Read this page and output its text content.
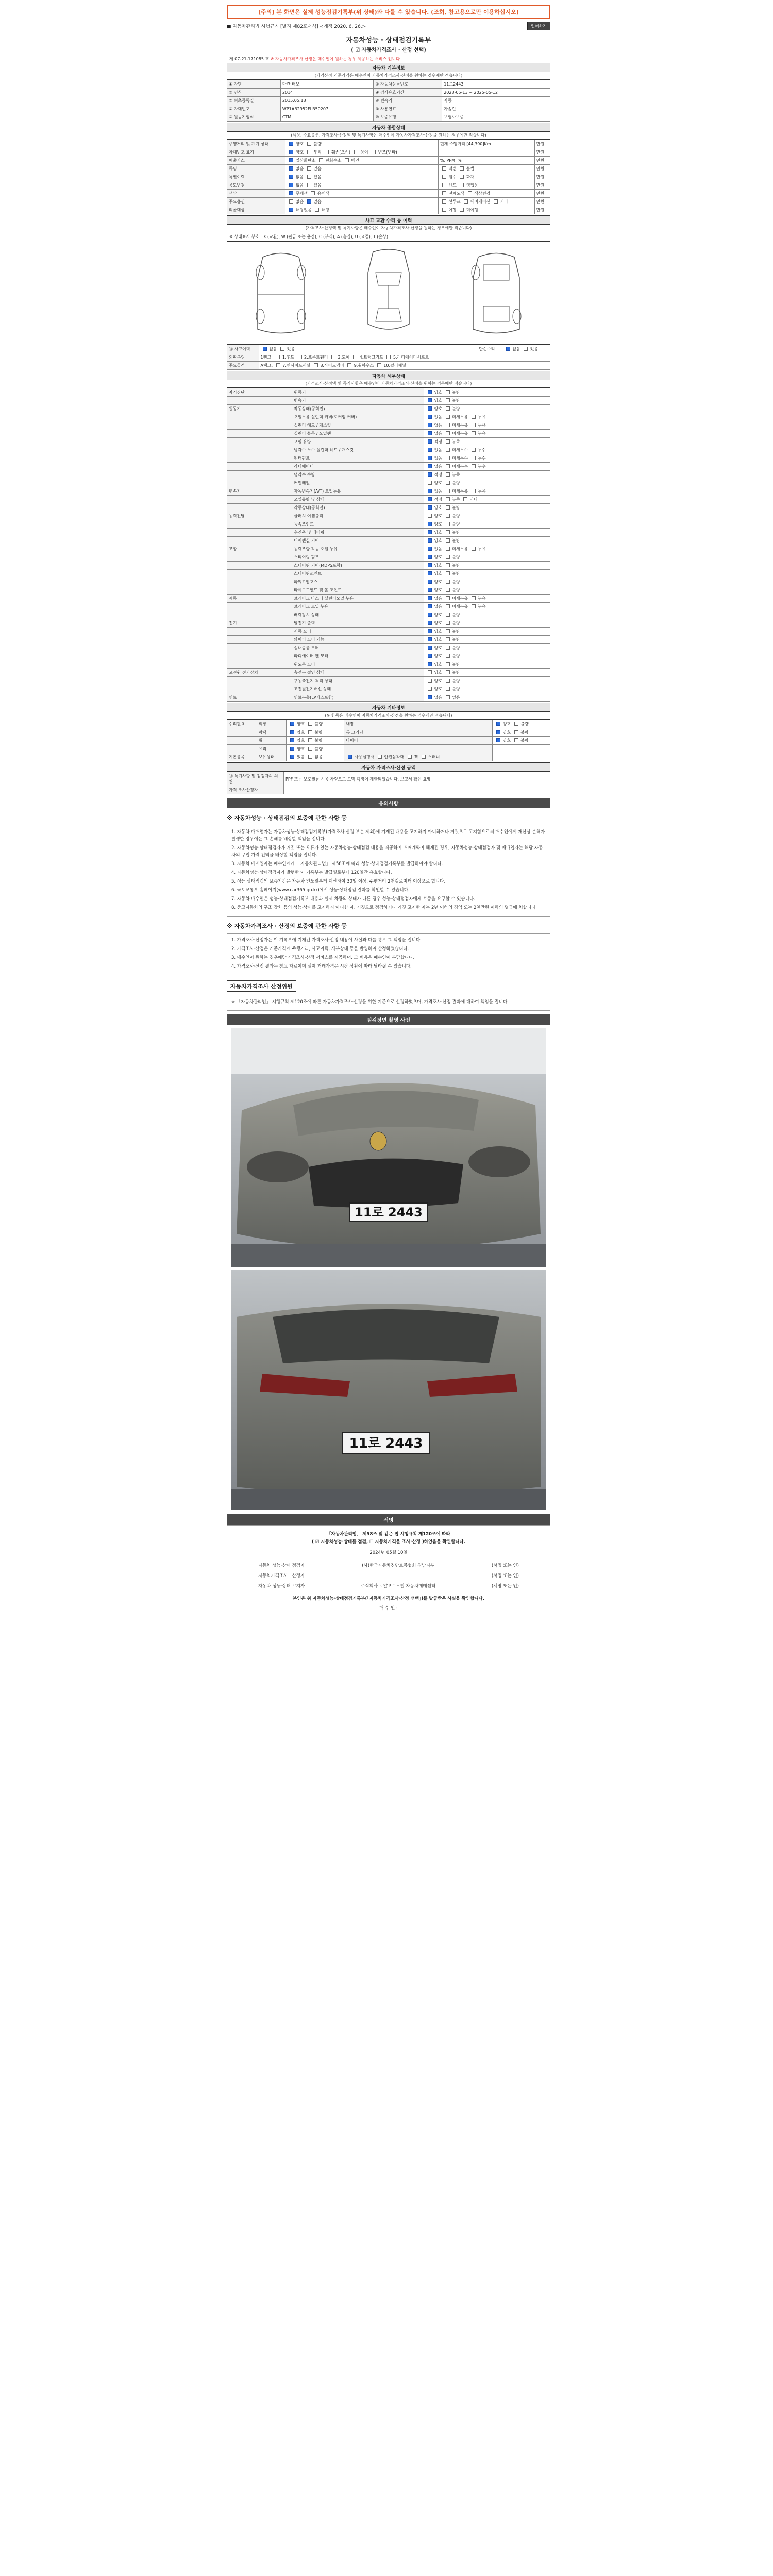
[주의] 본 화면은 실제 성능점검기록부(위 상태)와 다를 수 있습니다. (조회, 참고용으로만 이용하십시오)
■ 자동차관리법 시행규칙 [별지 제82호서식] <개정 2020. 6. 26.>	인쇄하기
자동차성능 · 상태점검기록부
( ☑ 자동차가격조사 · 산정 선택)
제 07-21-171085 호 ※ 자동차가격조사·산정은 매수인이 원하는 경우 제공하는 서비스 입니다.
자동차 기본정보
(가격산정 기준가격은 매수인이 자동차가격조사·산정을 원하는 경우에만 적습니다)
① 차명	마칸 터보	② 자동차등록번호	11로2443
③ 연식	2014	④ 검사유효기간	2023-05-13 ~ 2025-05-12
⑤ 최초등록일	2015.05.13	⑥ 변속기	자동
⑦ 차대번호	WP1AB2952FLB50207	⑧ 사용연료	가솔린
⑨ 원동기형식	CTM	⑩ 보증유형	보험사보증
자동차 종합상태
(색상, 주요옵션, 가격조사·산정액 및 특기사항은 매수인이 자동차가격조사·산정을 원하는 경우에만 적습니다)
주행거리 및 계기 상태	양호  불량	현재 주행거리 [44,390]Km	만원
차대번호 표기	양호  부식  훼손(오손)  상이  변조(변타)		만원
배출가스	일산화탄소  탄화수소  매연	%, PPM, %	만원
튜닝	없음  있음	적법  불법	만원
특별이력	없음  있음	침수  화재	만원
용도변경	없음  있음	렌트  영업용	만원
색상	무채색  유채색	전체도색  색상변경	만원
주요옵션	없음  있음	선루프  내비게이션  기타	만원
리콜대상	해당없음  해당	이행  미이행	만원
사고 교환 수리 등 이력
(가격조사·산정액 및 특기사항은 매수인이 자동차가격조사·산정을 원하는 경우에만 적습니다)
※ 상태표시 부호 : X (교환), W (판금 또는 용접), C (부식), A (흠집), U (요철), T (손상)
⑪ 사고이력	없음  있음	단순수리	없음  있음
외판부위	1랭크:  1.후드  2.프론트휀더  3.도어  4.트렁크리드  5.라디에이터서포트		
주요골격	A랭크:  7.인사이드패널  8.사이드멤버  9.휠하우스  10.필러패널		
자동차 세부상태
(가격조사·산정액 및 특기사항은 매수인이 자동차가격조사·산정을 원하는 경우에만 적습니다)
자기진단	원동기	양호  불량
	변속기	양호  불량
원동기	작동상태(공회전)	양호  불량
	오일누유 실린더 커버(로커암 커버)	없음  미세누유  누유
	실린더 헤드 / 개스킷	없음  미세누유  누유
	실린더 블록 / 오일팬	없음  미세누유  누유
	오일 유량	적정  부족
	냉각수 누수 실린더 헤드 / 개스킷	없음  미세누수  누수
	워터펌프	없음  미세누수  누수
	라디에이터	없음  미세누수  누수
	냉각수 수량	적정  부족
	커먼레일	양호  불량
변속기	자동변속기(A/T) 오일누유	없음  미세누유  누유
	오일유량 및 상태	적정  부족  과다
	작동상태(공회전)	양호  불량
동력전달	클러치 어셈블리	양호  불량
	등속조인트	양호  불량
	추진축 및 베어링	양호  불량
	디퍼렌셜 기어	양호  불량
조향	동력조향 작동 오일 누유	없음  미세누유  누유
	스티어링 펌프	양호  불량
	스티어링 기어(MDPS포함)	양호  불량
	스티어링조인트	양호  불량
	파워고압호스	양호  불량
	타이로드엔드 및 볼 조인트	양호  불량
제동	브레이크 마스터 실린더오일 누유	없음  미세누유  누유
	브레이크 오일 누유	없음  미세누유  누유
	배력장치 상태	양호  불량
전기	발전기 출력	양호  불량
	시동 모터	양호  불량
	와이퍼 모터 기능	양호  불량
	실내송풍 모터	양호  불량
	라디에이터 팬 모터	양호  불량
	윈도우 모터	양호  불량
고전원 전기장치	충전구 절연 상태	양호  불량
	구동축전지 격리 상태	양호  불량
	고전원전기배선 상태	양호  불량
연료	연료누출(LP가스포함)	없음  있음
자동차 기타정보
(※ 항목은 매수인이 자동차가격조사·산정을 원하는 경우에만 적습니다)
수리필요	외장	양호  불량	내장	양호  불량
	광택	양호  불량	룸 크리닝	양호  불량
	휠	양호  불량	타이어	양호  불량
	유리	양호  불량		
기본품목	보유상태	있음  없음	사용설명서  안전삼각대  잭  스패너	
자동차 가격조사·산정 금액
⑫ 특기사항 및 점검자의 의견	PPF 또는 보호필름 시공 차량으로 도막 측정이 제한되었습니다. 보고서 확인 요망
가격 조사산정자	
유의사항
※ 자동차성능 · 상태점검의 보증에 관한 사항 등

1. 자동차 매매업자는 자동차성능·상태점검기록부(가격조사·산정 부분 제외)에 기재된 내용을 고지하지 아니하거나 거짓으로 고지함으로써 매수인에게 재산상 손해가 발생한 경우에는 그 손해를 배상할 책임을 집니다.

2. 자동차성능·상태점검자가 거짓 또는 오류가 있는 자동차성능·상태점검 내용을 제공하여 매매계약이 해제된 경우, 자동차성능·상태점검자 및 매매업자는 해당 자동차의 구입 가격 전액을 배상할 책임을 집니다.

3. 자동차 매매업자는 매수인에게 「자동차관리법」 제58조에 따라 성능·상태점검기록부를 발급하여야 합니다.

4. 자동차성능·상태점검자가 발행한 이 기록부는 발급일로부터 120일간 유효합니다.

5. 성능·상태점검의 보증기간은 자동차 인도일부터 계산하여 30일 이상, 주행거리 2천킬로미터 이상으로 합니다.

6. 국토교통부 홈페이지(www.car365.go.kr)에서 성능·상태점검 결과를 확인할 수 있습니다.

7. 자동차 매수인은 성능·상태점검기록부 내용과 실제 차량의 상태가 다른 경우 성능·상태점검자에게 보증을 요구할 수 있습니다.

8. 중고자동차의 구조·장치 등의 성능·상태를 고지하지 아니한 자, 거짓으로 점검하거나 거짓 고지한 자는 2년 이하의 징역 또는 2천만원 이하의 벌금에 처합니다.

※ 자동차가격조사 · 산정의 보증에 관한 사항 등

1. 가격조사·산정자는 이 기록부에 기재된 가격조사·산정 내용이 사실과 다를 경우 그 책임을 집니다.

2. 가격조사·산정은 기준가격에 주행거리, 사고이력, 세부상태 등을 반영하여 산정하였습니다.

3. 매수인이 원하는 경우에만 가격조사·산정 서비스를 제공하며, 그 비용은 매수인이 부담합니다.

4. 가격조사·산정 결과는 참고 자료이며 실제 거래가격은 시장 상황에 따라 달라질 수 있습니다.

자동차가격조사 산정위원

※ 「자동차관리법」 시행규칙 제120조에 따른 자동차가격조사·산정을 위한 기준으로 산정하였으며, 가격조사·산정 결과에 대하여 책임을 집니다.

점검장면 촬영 사진
11로 2443
11로 2443
서명

「자동차관리법」 제58조 및 같은 법 시행규칙 제120조에 따라

( ☑ 자동차성능·상태를 점검, ☐ 자동차가격을 조사·산정 )하였음을 확인합니다.

2024년 05월 10일

자동차 성능·상태 점검자	(사)한국자동차진단보증협회 경남지부	(서명 또는 인)
자동차가격조사 · 산정자	(서명 또는 인)
자동차 성능·상태 고지자	주식회사 로얄오토모빌 자동차매매센터	(서명 또는 인)

본인은 위 자동차성능·상태점검기록부(「자동차가격조사·산정 선택」)를 발급받은 사실을 확인합니다.

매 수 인 :
